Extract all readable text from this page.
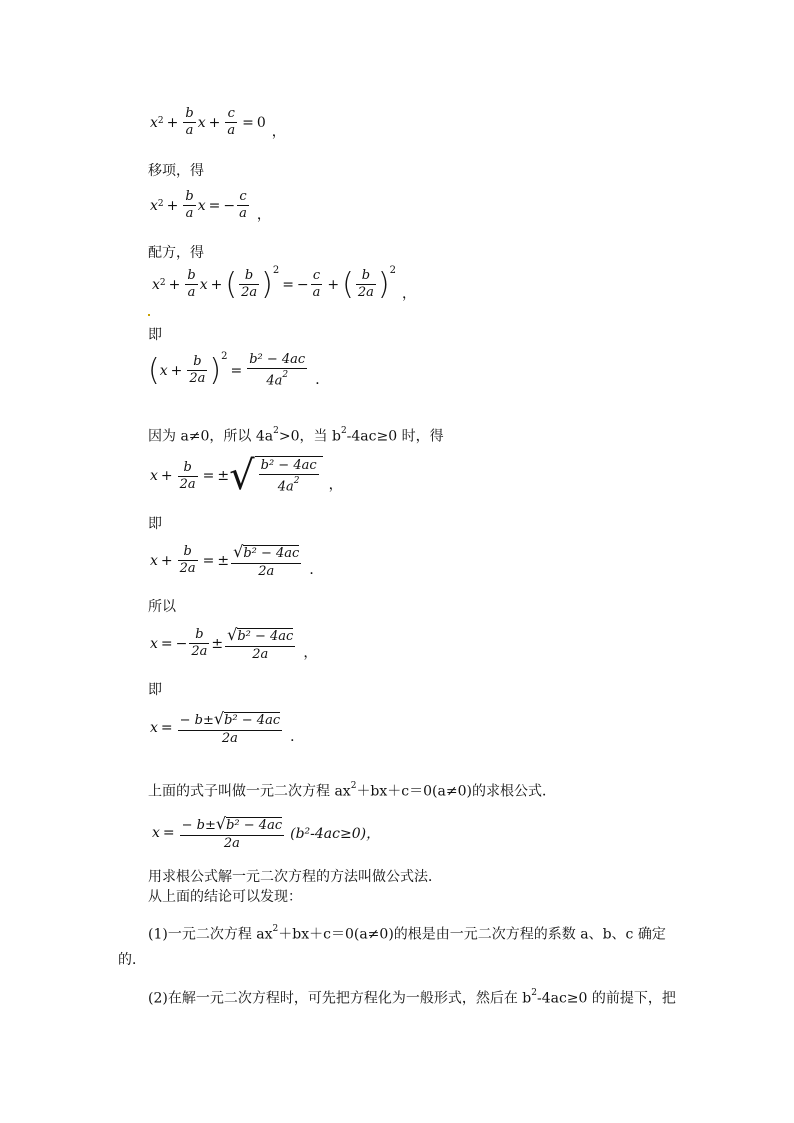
x $2 + \frac{b}{a}$ $x + \frac{c}{a} = 0$
，
移项，得
x $2 + \frac{b}{a}$ x = − $\frac{c}{a}$ ，
配方，得
x $2 + \frac{b}{a}$ x + ( $\frac{b}{2a}$ ) 2
= − $\frac{c}{a}$ + ( $\frac{b}{2a}$ ) 2
，
即
( $x + \frac{b}{2a}$ ) 2
= $\frac{\text{b² − 4ac}}{4a^2}$ ．
因为 a≠0，所以 $4a^2>0$，当 $b^2-4ac\ge 0$ 时，得
$x + \frac{b}{2a}$ = ± √ $\frac{\text{b² − 4ac}}{4a^2}$ ，
即
$x + \frac{b}{2a}$ = ± $\frac{\text{√b² − 4ac}}{2a}$ ．
所以
x = − $\frac{b}{2a} \pm \frac{\text{√b² − 4ac}}{2a}$ ，
即
$x = \frac{\text{− b±√b² − 4ac}}{2a}$ ．
上面的式子叫做一元二次方程 $ax^2+bx+c=0(a\ne 0)$的求根公式．
$x = \frac{\text{− b±√b² − 4ac}}{2a} (b^2-4ac\ge 0)$，
用求根公式解一元二次方程的方法叫做公式法．
从上面的结论可以发现：
(1)一元二次方程 $ax^2+bx+c=0(a\ne 0)$的根是由一元二次方程的系数 a、b、c 确定
的．
(2)在解一元二次方程时，可先把方程化为一般形式，然后在 $b^2-4ac\ge 0$ 的前提下，把
